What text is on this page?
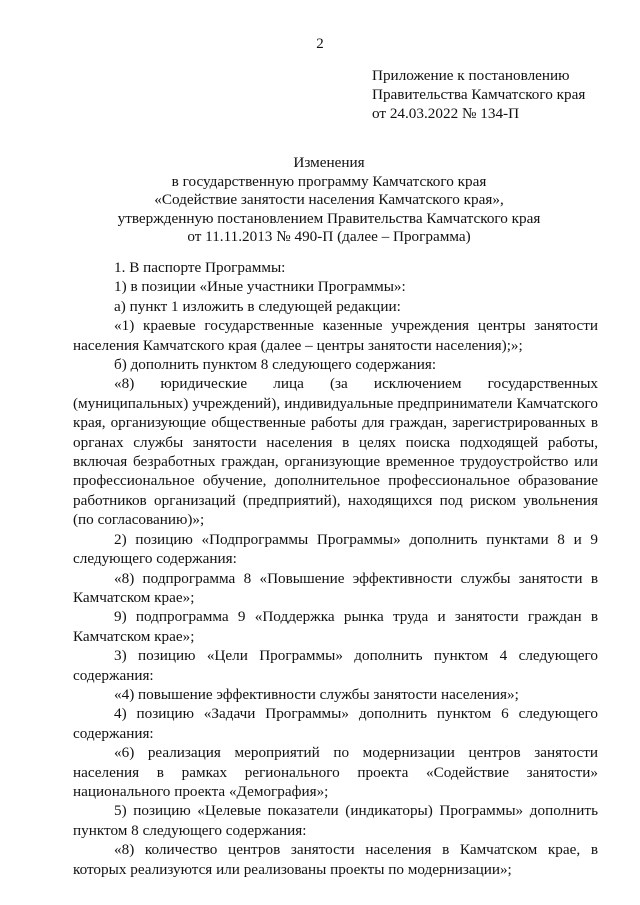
2
Приложение к постановлению
Правительства Камчатского края
от 24.03.2022 № 134-П
Изменения
в государственную программу Камчатского края
«Содействие занятости населения Камчатского края»,
утвержденную постановлением Правительства Камчатского края
от 11.11.2013 № 490-П (далее – Программа)

1. В паспорте Программы:

1) в позиции «Иные участники Программы»:

а) пункт 1 изложить в следующей редакции:

«1) краевые государственные казенные учреждения центры занятости населения Камчатского края (далее – центры занятости населения);»;

б) дополнить пунктом 8 следующего содержания:

«8) юридические лица (за исключением государственных (муниципальных) учреждений), индивидуальные предприниматели Камчатского края, организующие общественные работы для граждан, зарегистрированных в органах службы занятости населения в целях поиска подходящей работы, включая безработных граждан, организующие временное трудоустройство или профессиональное обучение, дополнительное профессиональное образование работников организаций (предприятий), находящихся под риском увольнения (по согласованию)»;

2) позицию «Подпрограммы Программы» дополнить пунктами 8 и 9 следующего содержания:

«8) подпрограмма 8 «Повышение эффективности службы занятости в Камчатском крае»;

9) подпрограмма 9 «Поддержка рынка труда и занятости граждан в Камчатском крае»;

3) позицию «Цели Программы» дополнить пунктом 4 следующего содержания:

«4) повышение эффективности службы занятости населения»;

4) позицию «Задачи Программы» дополнить пунктом 6 следующего содержания:

«6) реализация мероприятий по модернизации центров занятости населения в рамках регионального проекта «Содействие занятости» национального проекта «Демография»;

5) позицию «Целевые показатели (индикаторы) Программы» дополнить пунктом 8 следующего содержания:

«8) количество центров занятости населения в Камчатском крае, в которых реализуются или реализованы проекты по модернизации»;
